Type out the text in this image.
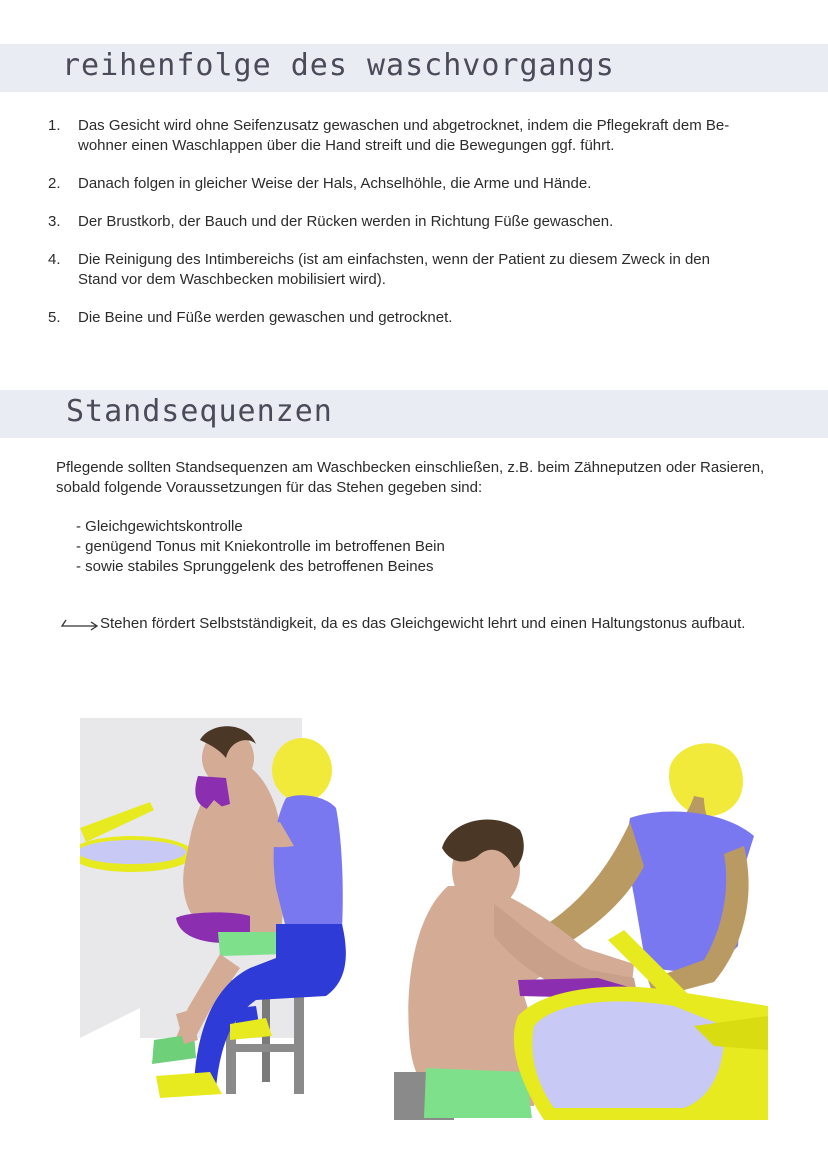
reihenfolge des waschvorgangs
1. Das Gesicht wird ohne Seifenzusatz gewaschen und abgetrocknet, indem die Pflegekraft dem Be- wohner einen Waschlappen über die Hand streift und die Bewegungen ggf. führt.
2. Danach folgen in gleicher Weise der Hals, Achselhöhle, die Arme und Hände.
3. Der Brustkorb, der Bauch und der Rücken werden in Richtung Füße gewaschen.
4. Die Reinigung des Intimbereichs (ist am einfachsten, wenn der Patient zu diesem Zweck in den Stand vor dem Waschbecken mobilisiert wird).
5. Die Beine und Füße werden gewaschen und getrocknet.
Standsequenzen

Pflegende sollten Standsequenzen am Waschbecken einschließen, z.B. beim Zähneputzen oder Rasieren, sobald folgende Voraussetzungen für das Stehen gegeben sind:

- Gleichgewichtskontrolle
- genügend Tonus mit Kniekontrolle im betroffenen Bein
- sowie stabiles Sprunggelenk des betroffenen Beines
Stehen fördert Selbstständigkeit, da es das Gleichgewicht lehrt und einen Haltungstonus aufbaut.
